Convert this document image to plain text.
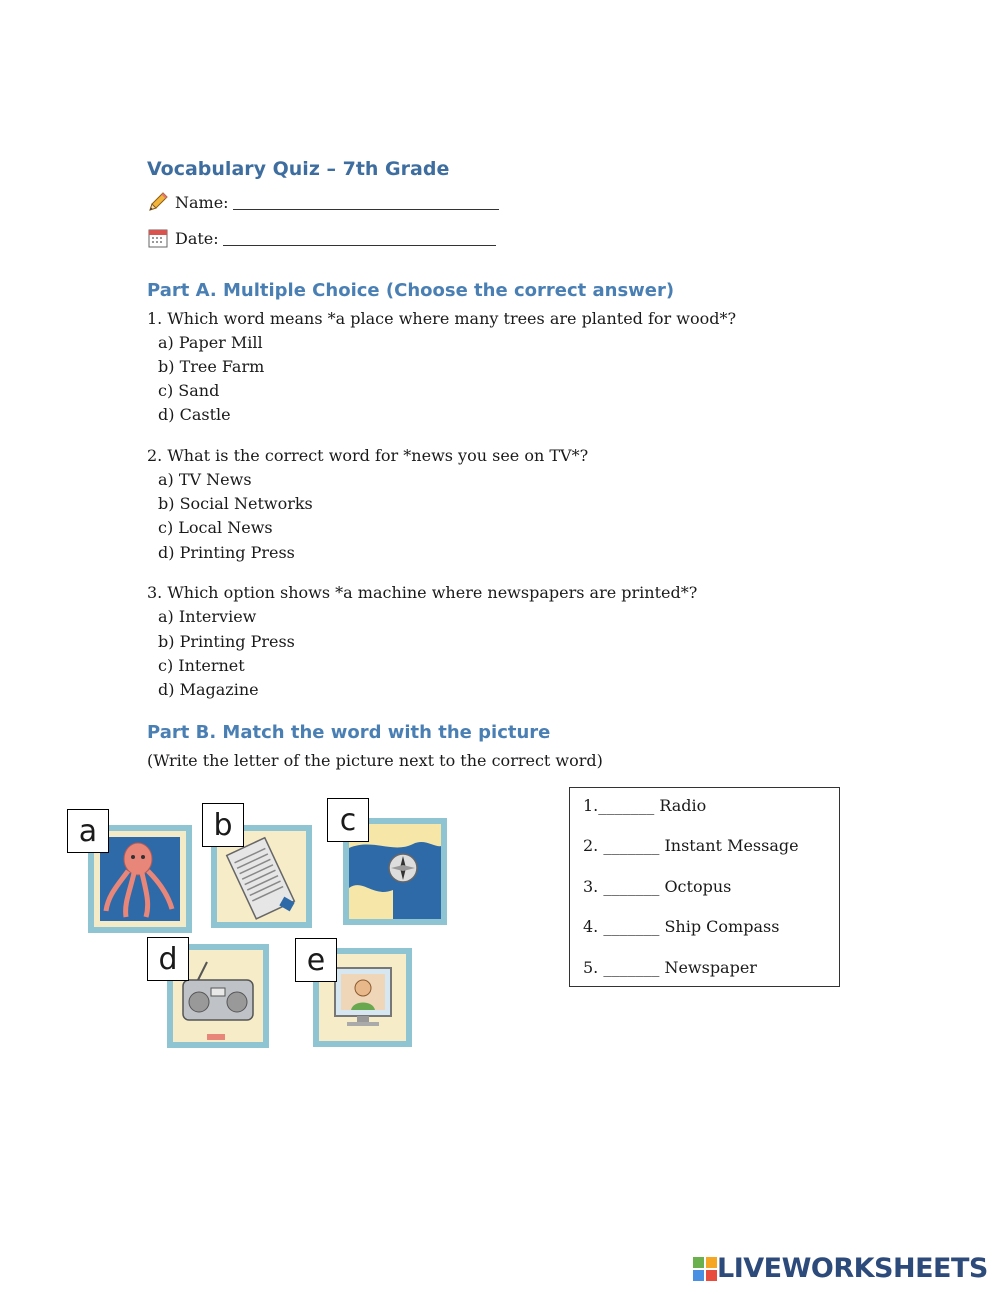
Vocabulary Quiz – 7th Grade
Name:
Date:
Part A. Multiple Choice (Choose the correct answer)
1. Which word means *a place where many trees are planted for wood*?
a) Paper Mill
b) Tree Farm
c) Sand
d) Castle
2. What is the correct word for *news you see on TV*?
a) TV News
b) Social Networks
c) Local News
d) Printing Press
3. Which option shows *a machine where newspapers are printed*?
a) Interview
b) Printing Press
c) Internet
d) Magazine
Part B. Match the word with the picture
(Write the letter of the picture next to the correct word)
a	b	c
d	e
1._______ Radio
2. _______ Instant Message
3. _______ Octopus
4. _______ Ship Compass
5. _______ Newspaper
LIVEWORKSHEETS
